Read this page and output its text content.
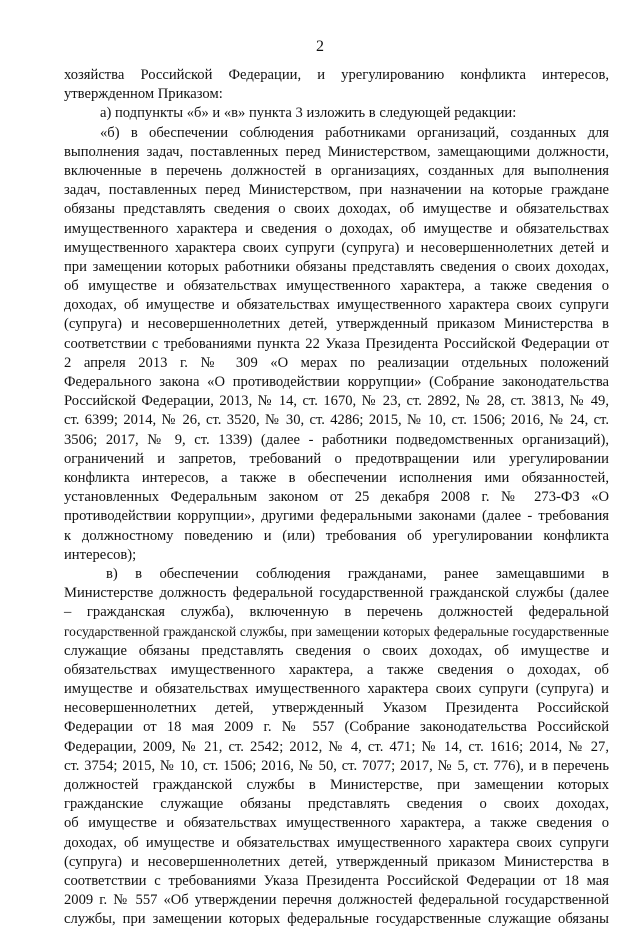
2
хозяйства Российской Федерации, и урегулированию конфликта интересов,
утвержденном Приказом:
а) подпункты «б» и «в» пункта 3 изложить в следующей редакции:
«б) в обеспечении соблюдения работниками организаций, созданных для
выполнения задач, поставленных перед Министерством, замещающими должности,
включенные в перечень должностей в организациях, созданных для выполнения
задач, поставленных перед Министерством, при назначении на которые граждане
обязаны представлять сведения о своих доходах, об имуществе и обязательствах
имущественного характера и сведения о доходах, об имуществе и обязательствах
имущественного характера своих супруги (супруга) и несовершеннолетних детей и
при замещении которых работники обязаны представлять сведения о своих доходах,
об имуществе и обязательствах имущественного характера, а также сведения о
доходах, об имуществе и обязательствах имущественного характера своих супруги
(супруга) и несовершеннолетних детей, утвержденный приказом Министерства в
соответствии с требованиями пункта 22 Указа Президента Российской Федерации от
2 апреля 2013 г. № 309 «О мерах по реализации отдельных положений
Федерального закона «О противодействии коррупции» (Собрание законодательства
Российской Федерации, 2013, № 14, ст. 1670, № 23, ст. 2892, № 28, ст. 3813, № 49,
ст. 6399; 2014, № 26, ст. 3520, № 30, ст. 4286; 2015, № 10, ст. 1506; 2016, № 24, ст.
3506; 2017, № 9, ст. 1339) (далее - работники подведомственных организаций),
ограничений и запретов, требований о предотвращении или урегулировании
конфликта интересов, а также в обеспечении исполнения ими обязанностей,
установленных Федеральным законом от 25 декабря 2008 г. № 273-ФЗ «О
противодействии коррупции», другими федеральными законами (далее - требования
к должностному поведению и (или) требования об урегулировании конфликта
интересов);
в) в обеспечении соблюдения гражданами, ранее замещавшими в
Министерстве должность федеральной государственной гражданской службы (далее
– гражданская служба), включенную в перечень должностей федеральной
государственной гражданской службы, при замещении которых федеральные государственные
служащие обязаны представлять сведения о своих доходах, об имуществе и
обязательствах имущественного характера, а также сведения о доходах, об
имуществе и обязательствах имущественного характера своих супруги (супруга) и
несовершеннолетних детей, утвержденный Указом Президента Российской
Федерации от 18 мая 2009 г. № 557 (Собрание законодательства Российской
Федерации, 2009, № 21, ст. 2542; 2012, № 4, ст. 471; № 14, ст. 1616; 2014, № 27,
ст. 3754; 2015, № 10, ст. 1506; 2016, № 50, ст. 7077; 2017, № 5, ст. 776), и в перечень
должностей гражданской службы в Министерстве, при замещении которых
гражданские служащие обязаны представлять сведения о своих доходах,
об имуществе и обязательствах имущественного характера, а также сведения о
доходах, об имуществе и обязательствах имущественного характера своих супруги
(супруга) и несовершеннолетних детей, утвержденный приказом Министерства в
соответствии с требованиями Указа Президента Российской Федерации от 18 мая
2009 г. № 557 «Об утверждении перечня должностей федеральной государственной
службы, при замещении которых федеральные государственные служащие обязаны
